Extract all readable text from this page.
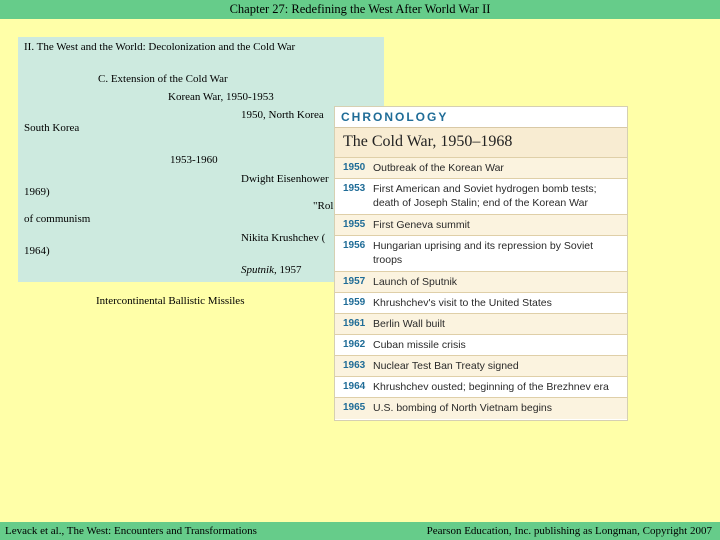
Chapter 27: Redefining the West After World War II
II. The West and the World: Decolonization and the Cold War
C. Extension of the Cold War
Korean War, 1950-1953
1950, North Korea
South Korea
1953-1960
Dwight Eisenhower
1969)
"Rol
of communism
Nikita Krushchev (
1964)
Sputnik, 1957
Intercontinental Ballistic Missiles
CHRONOLOGY
The Cold War, 1950–1968
1950 Outbreak of the Korean War
1953 First American and Soviet hydrogen bomb tests; death of Joseph Stalin; end of the Korean War
1955 First Geneva summit
1956 Hungarian uprising and its repression by Soviet troops
1957 Launch of Sputnik
1959 Khrushchev's visit to the United States
1961 Berlin Wall built
1962 Cuban missile crisis
1963 Nuclear Test Ban Treaty signed
1964 Khrushchev ousted; beginning of the Brezhnev era
1965 U.S. bombing of North Vietnam begins
Levack et al., The West: Encounters and Transformations	Pearson Education, Inc. publishing as Longman, Copyright 2007
